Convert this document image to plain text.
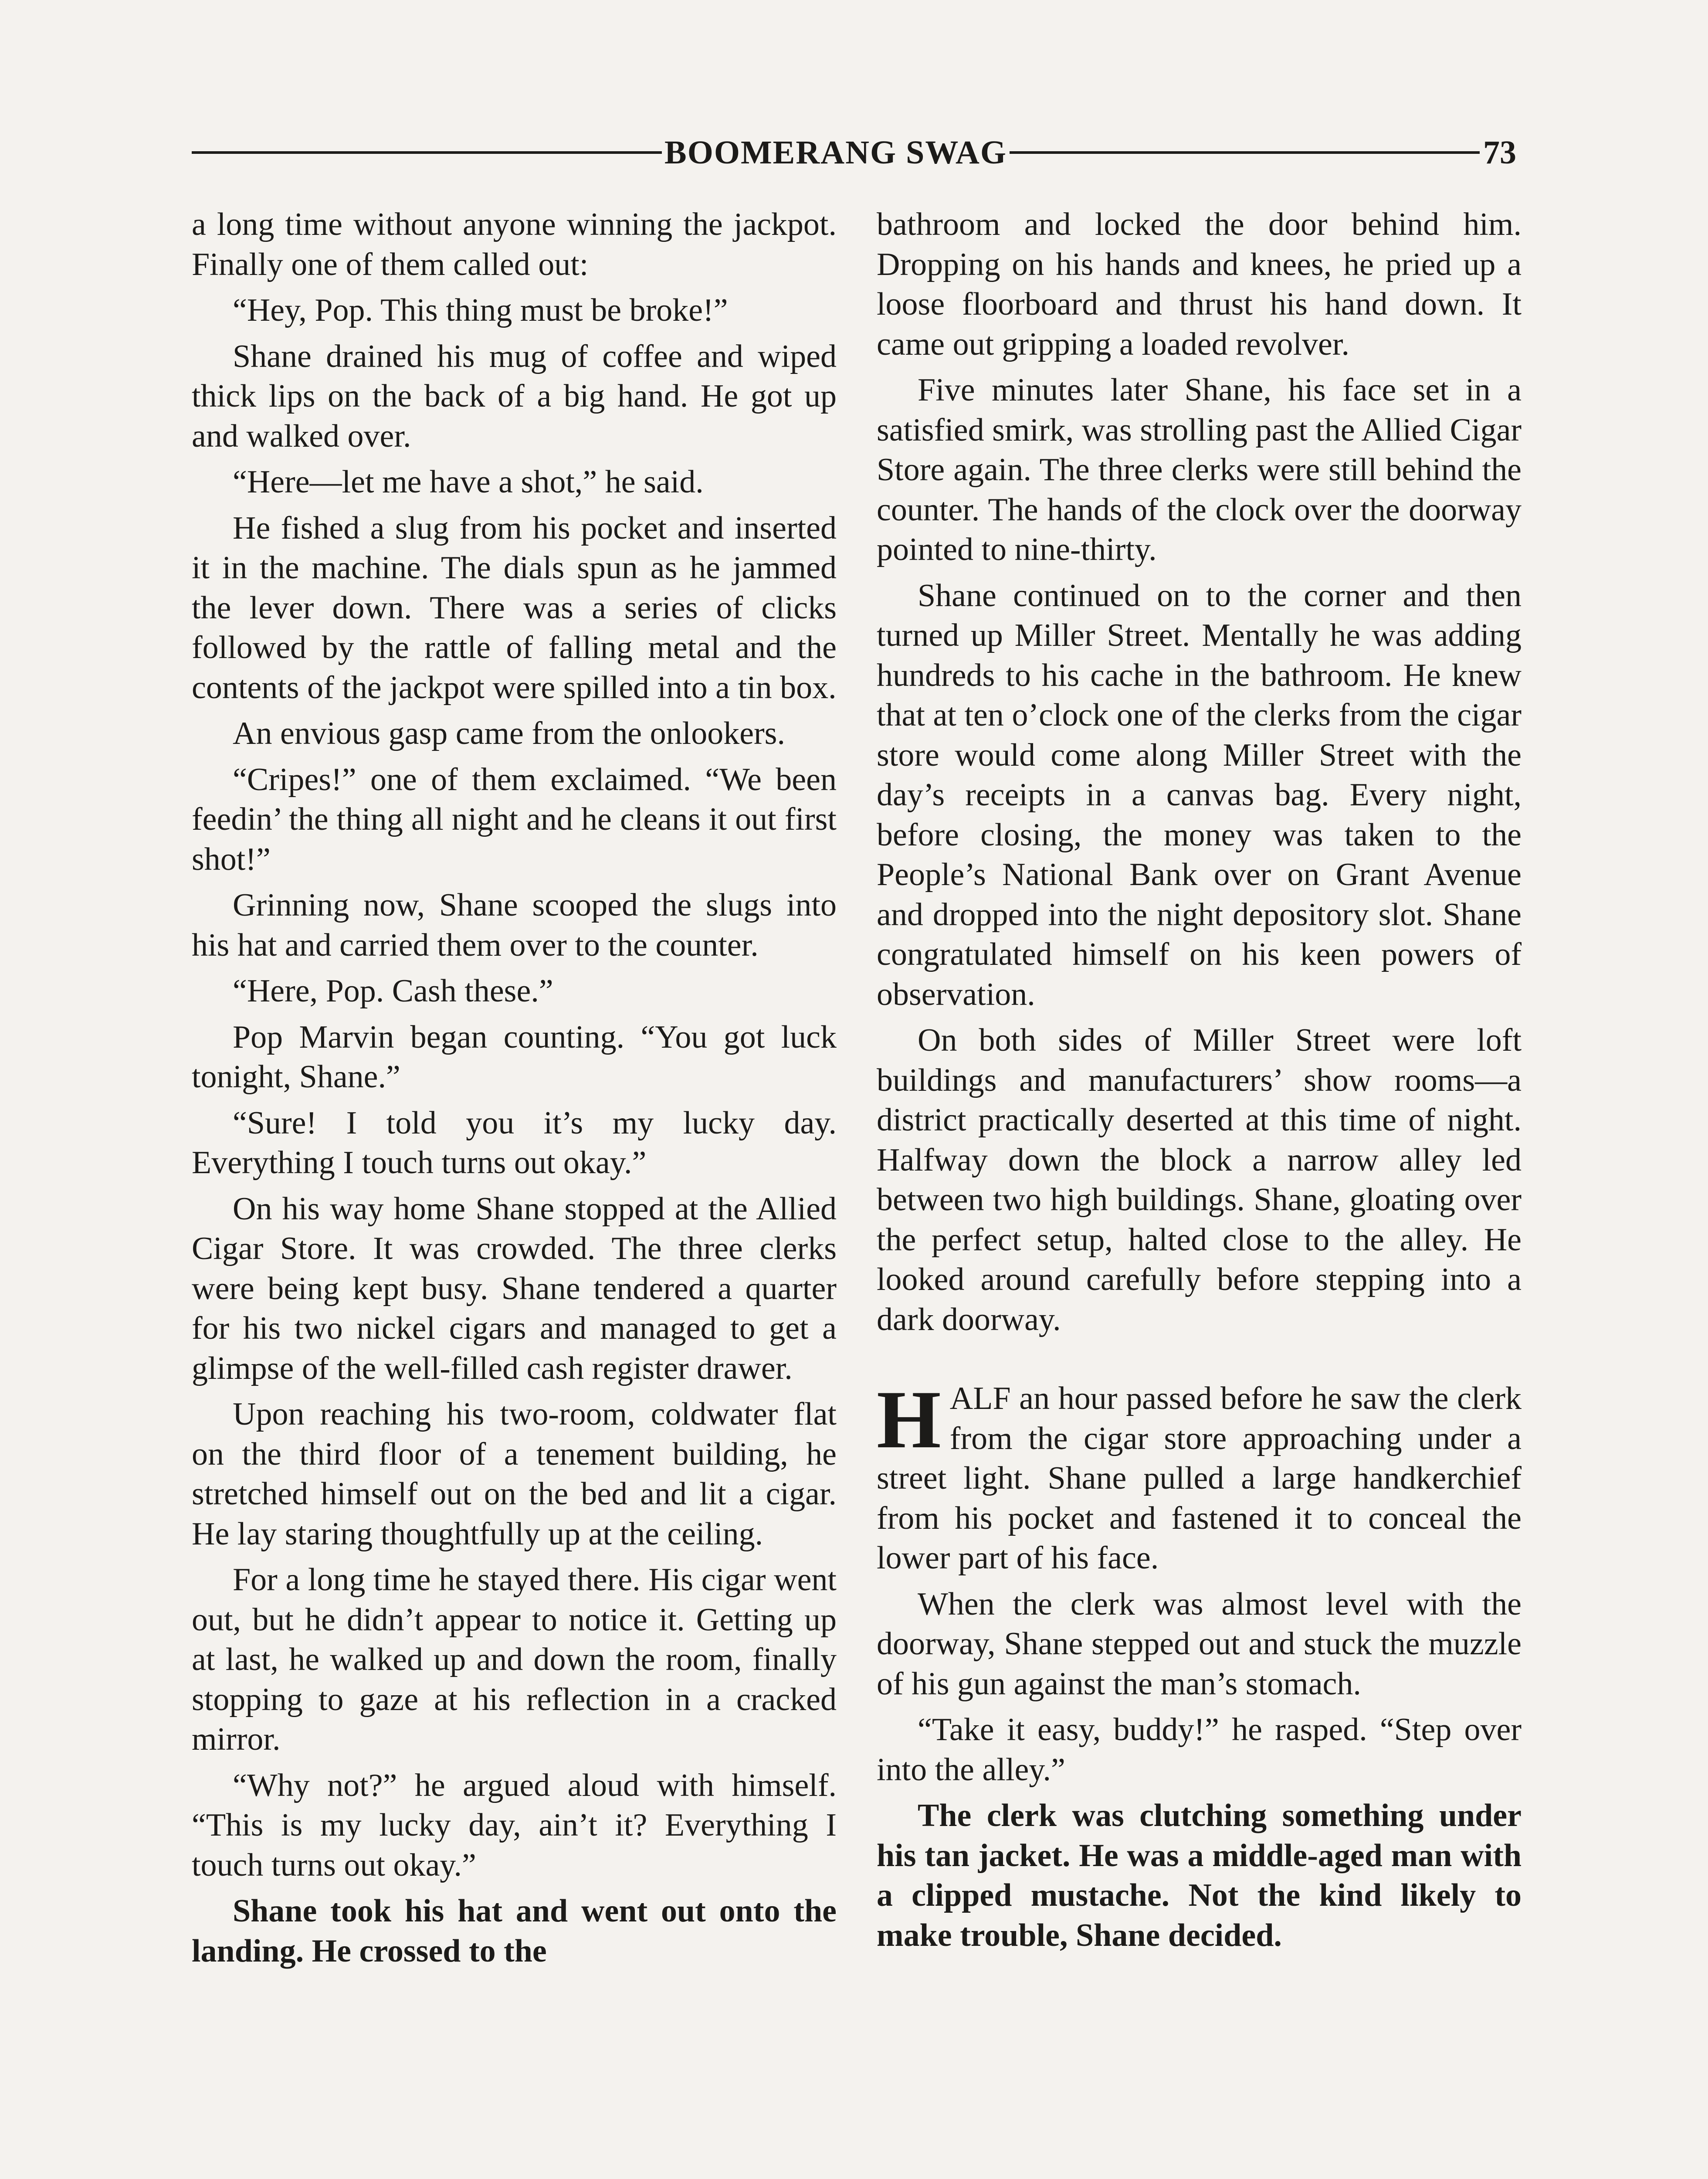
BOOMERANG SWAG	73

a long time without anyone winning the jackpot. Finally one of them called out:

“Hey, Pop. This thing must be broke!”

Shane drained his mug of coffee and wiped thick lips on the back of a big hand. He got up and walked over.

“Here—let me have a shot,” he said.

He fished a slug from his pocket and inserted it in the machine. The dials spun as he jammed the lever down. There was a series of clicks followed by the rattle of falling metal and the contents of the jackpot were spilled into a tin box.

An envious gasp came from the onlookers.

“Cripes!” one of them exclaimed. “We been feedin’ the thing all night and he cleans it out first shot!”

Grinning now, Shane scooped the slugs into his hat and carried them over to the counter.

“Here, Pop. Cash these.”

Pop Marvin began counting. “You got luck tonight, Shane.”

“Sure! I told you it’s my lucky day. Everything I touch turns out okay.”

On his way home Shane stopped at the Allied Cigar Store. It was crowded. The three clerks were being kept busy. Shane tendered a quarter for his two nickel cigars and managed to get a glimpse of the well-filled cash register drawer.

Upon reaching his two-room, coldwater flat on the third floor of a tenement building, he stretched himself out on the bed and lit a cigar. He lay staring thoughtfully up at the ceiling.

For a long time he stayed there. His cigar went out, but he didn’t appear to notice it. Getting up at last, he walked up and down the room, finally stopping to gaze at his reflection in a cracked mirror.

“Why not?” he argued aloud with himself. “This is my lucky day, ain’t it? Everything I touch turns out okay.”

Shane took his hat and went out onto the landing. He crossed to the

bathroom and locked the door behind him. Dropping on his hands and knees, he pried up a loose floorboard and thrust his hand down. It came out gripping a loaded revolver.

Five minutes later Shane, his face set in a satisfied smirk, was strolling past the Allied Cigar Store again. The three clerks were still behind the counter. The hands of the clock over the doorway pointed to nine-thirty.

Shane continued on to the corner and then turned up Miller Street. Mentally he was adding hundreds to his cache in the bathroom. He knew that at ten o’clock one of the clerks from the cigar store would come along Miller Street with the day’s receipts in a canvas bag. Every night, before closing, the money was taken to the People’s National Bank over on Grant Avenue and dropped into the night depository slot. Shane congratulated himself on his keen powers of observation.

On both sides of Miller Street were loft buildings and manufacturers’ show rooms—a district practically deserted at this time of night. Halfway down the block a narrow alley led between two high buildings. Shane, gloating over the perfect setup, halted close to the alley. He looked around carefully before stepping into a dark doorway.

HALF an hour passed before he saw the clerk from the cigar store approaching under a street light. Shane pulled a large handkerchief from his pocket and fastened it to conceal the lower part of his face.

When the clerk was almost level with the doorway, Shane stepped out and stuck the muzzle of his gun against the man’s stomach.

“Take it easy, buddy!” he rasped. “Step over into the alley.”

The clerk was clutching something under his tan jacket. He was a middle-aged man with a clipped mustache. Not the kind likely to make trouble, Shane decided.
